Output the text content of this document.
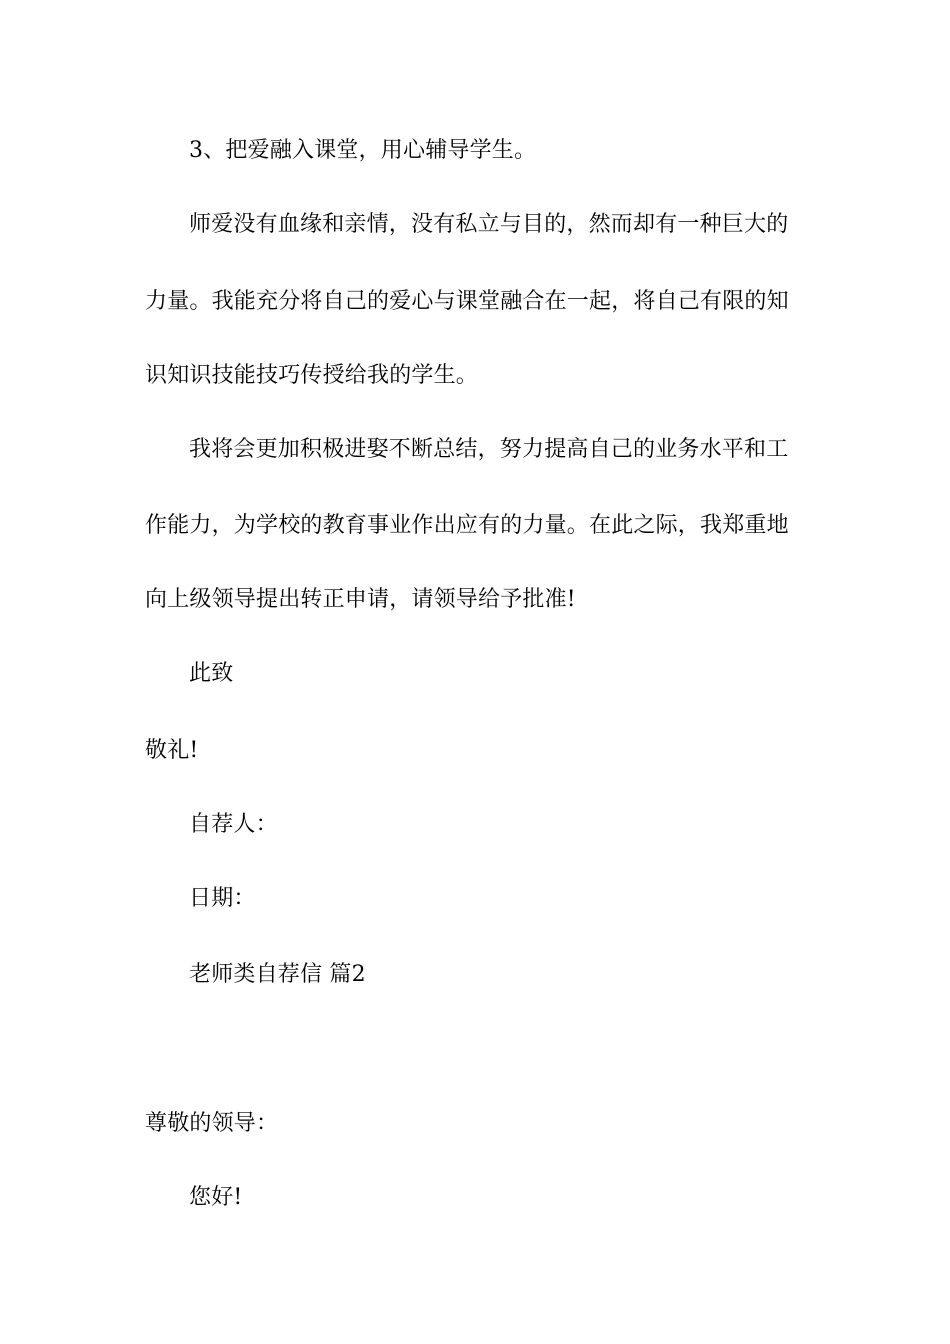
3、把爱融入课堂，用心辅导学生。
师爱没有血缘和亲情，没有私立与目的，然而却有一种巨大的
力量。我能充分将自己的爱心与课堂融合在一起，将自己有限的知
识知识技能技巧传授给我的学生。
我将会更加积极进娶不断总结，努力提高自己的业务水平和工
作能力，为学校的教育事业作出应有的力量。在此之际，我郑重地
向上级领导提出转正申请，请领导给予批准!
此致
敬礼!
自荐人：
日期：
老师类自荐信 篇2
尊敬的领导：
您好!
